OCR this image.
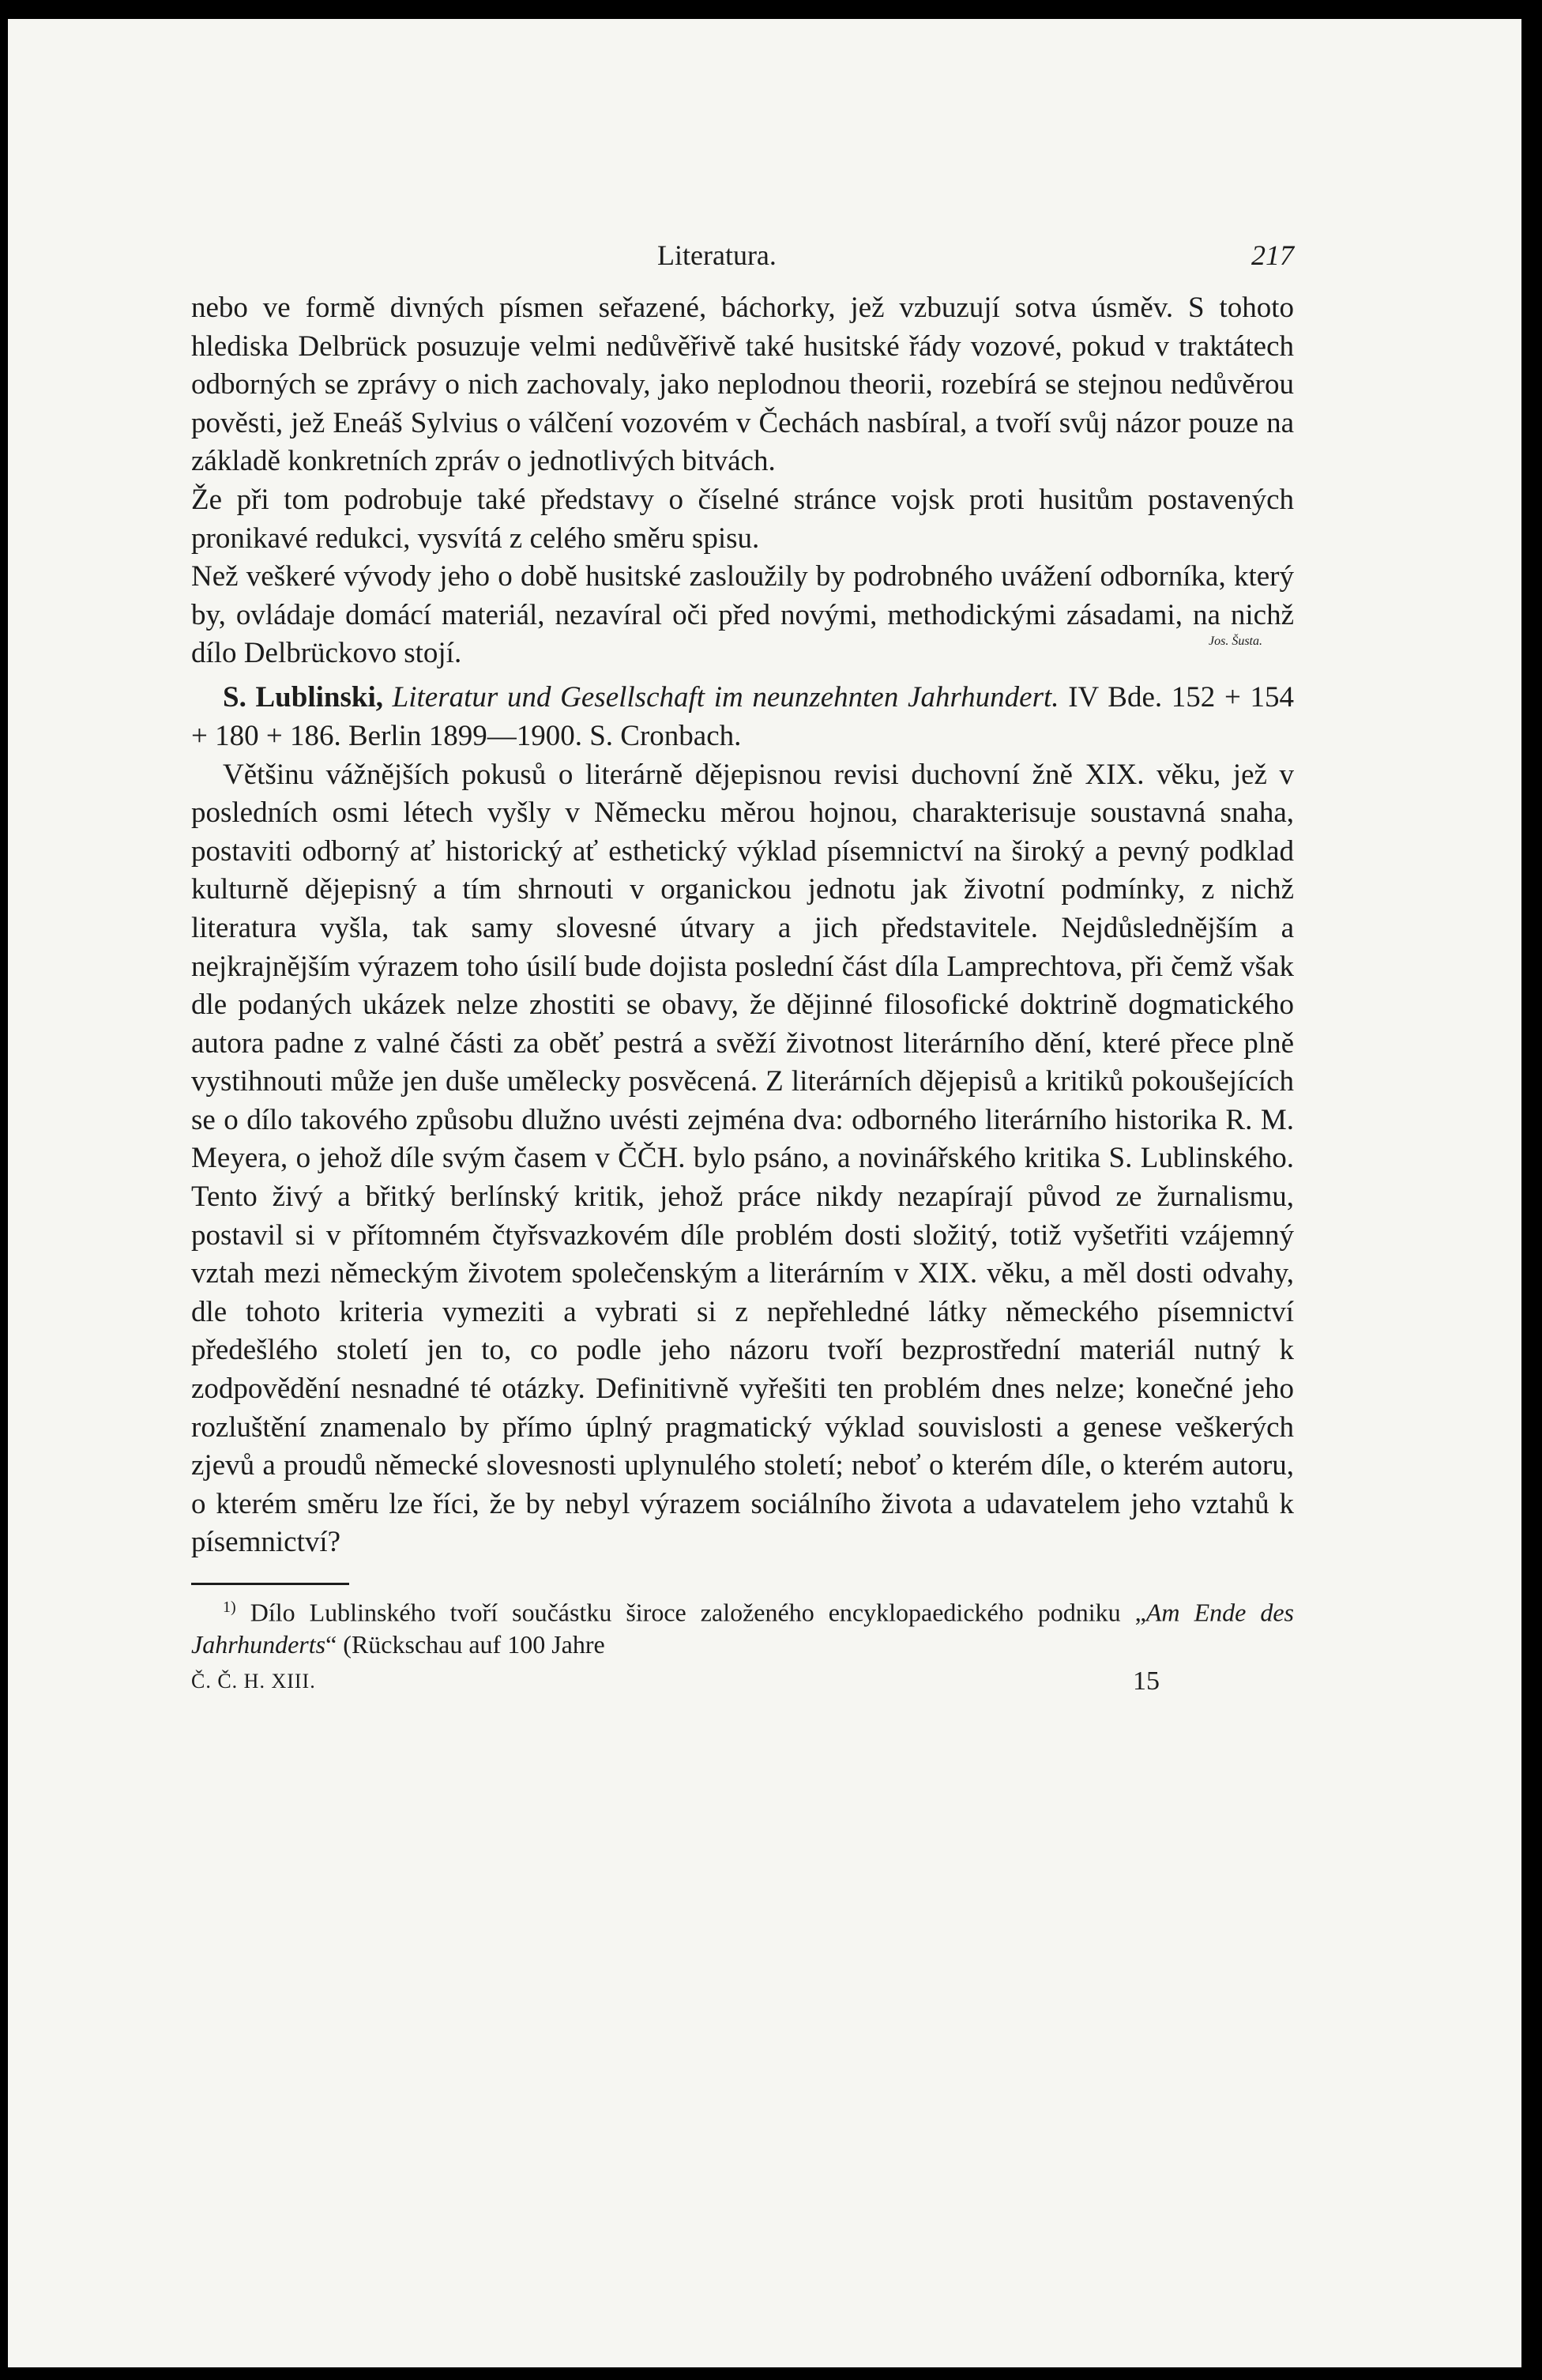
Literatura.	217

nebo ve formě divných písmen seřazené, báchorky, jež vzbuzují sotva úsměv. S tohoto hlediska Delbrück posuzuje velmi nedůvěřivě také husitské řády vozové, pokud v traktátech odborných se zprávy o nich zachovaly, jako neplodnou theorii, rozebírá se stejnou nedůvěrou pověsti, jež Eneáš Sylvius o válčení vozovém v Čechách nasbíral, a tvoří svůj názor pouze na základě konkretních zpráv o jednotlivých bitvách.

Že při tom podrobuje také představy o číselné stránce vojsk proti husitům postavených pronikavé redukci, vysvítá z celého směru spisu.

Než veškeré vývody jeho o době husitské zasloužily by podrobného uvážení odborníka, který by, ovládaje domácí materiál, nezavíral oči před novými, methodickými zásadami, na nichž dílo Delbrückovo stojí.	Jos. Šusta.
S. Lublinski, Literatur und Gesellschaft im neunzehnten Jahrhundert. IV Bde. 152 + 154 + 180 + 186. Berlin 1899—1900. S. Cronbach.

Většinu vážnějších pokusů o literárně dějepisnou revisi duchovní žně XIX. věku, jež v posledních osmi létech vyšly v Německu měrou hojnou, charakterisuje soustavná snaha, postaviti odborný ať historický ať esthetický výklad písemnictví na široký a pevný podklad kulturně dějepisný a tím shrnouti v organickou jednotu jak životní podmínky, z nichž literatura vyšla, tak samy slovesné útvary a jich představitele. Nejdůslednějším a nejkrajnějším výrazem toho úsilí bude dojista poslední část díla Lamprechtova, při čemž však dle podaných ukázek nelze zhostiti se obavy, že dějinné filosofické doktrině dogmatického autora padne z valné části za oběť pestrá a svěží životnost literárního dění, které přece plně vystihnouti může jen duše umělecky posvěcená. Z literárních dějepisů a kritiků pokoušejících se o dílo takového způsobu dlužno uvésti zejména dva: odborného literárního historika R. M. Meyera, o jehož díle svým časem v ČČH. bylo psáno, a novinářského kritika S. Lublinského. Tento živý a břitký berlínský kritik, jehož práce nikdy nezapírají původ ze žurnalismu, postavil si v přítomném čtyřsvazkovém díle problém dosti složitý, totiž vyšetřiti vzájemný vztah mezi německým životem společenským a literárním v XIX. věku, a měl dosti odvahy, dle tohoto kriteria vymeziti a vybrati si z nepřehledné látky německého písemnictví předešlého století jen to, co podle jeho názoru tvoří bezprostřední materiál nutný k zodpovědění nesnadné té otázky. Definitivně vyřešiti ten problém dnes nelze; konečné jeho rozluštění znamenalo by přímo úplný pragmatický výklad souvislosti a genese veškerých zjevů a proudů německé slovesnosti uplynulého století; neboť o kterém díle, o kterém autoru, o kterém směru lze říci, že by nebyl výrazem sociálního života a udavatelem jeho vztahů k písemnictví?

$^{1)}$ Dílo Lublinského tvoří součástku široce založeného encyklopaedického podniku „Am Ende des Jahrhunderts“ (Rückschau auf 100 Jahre
Č. Č. H. XIII.	15
